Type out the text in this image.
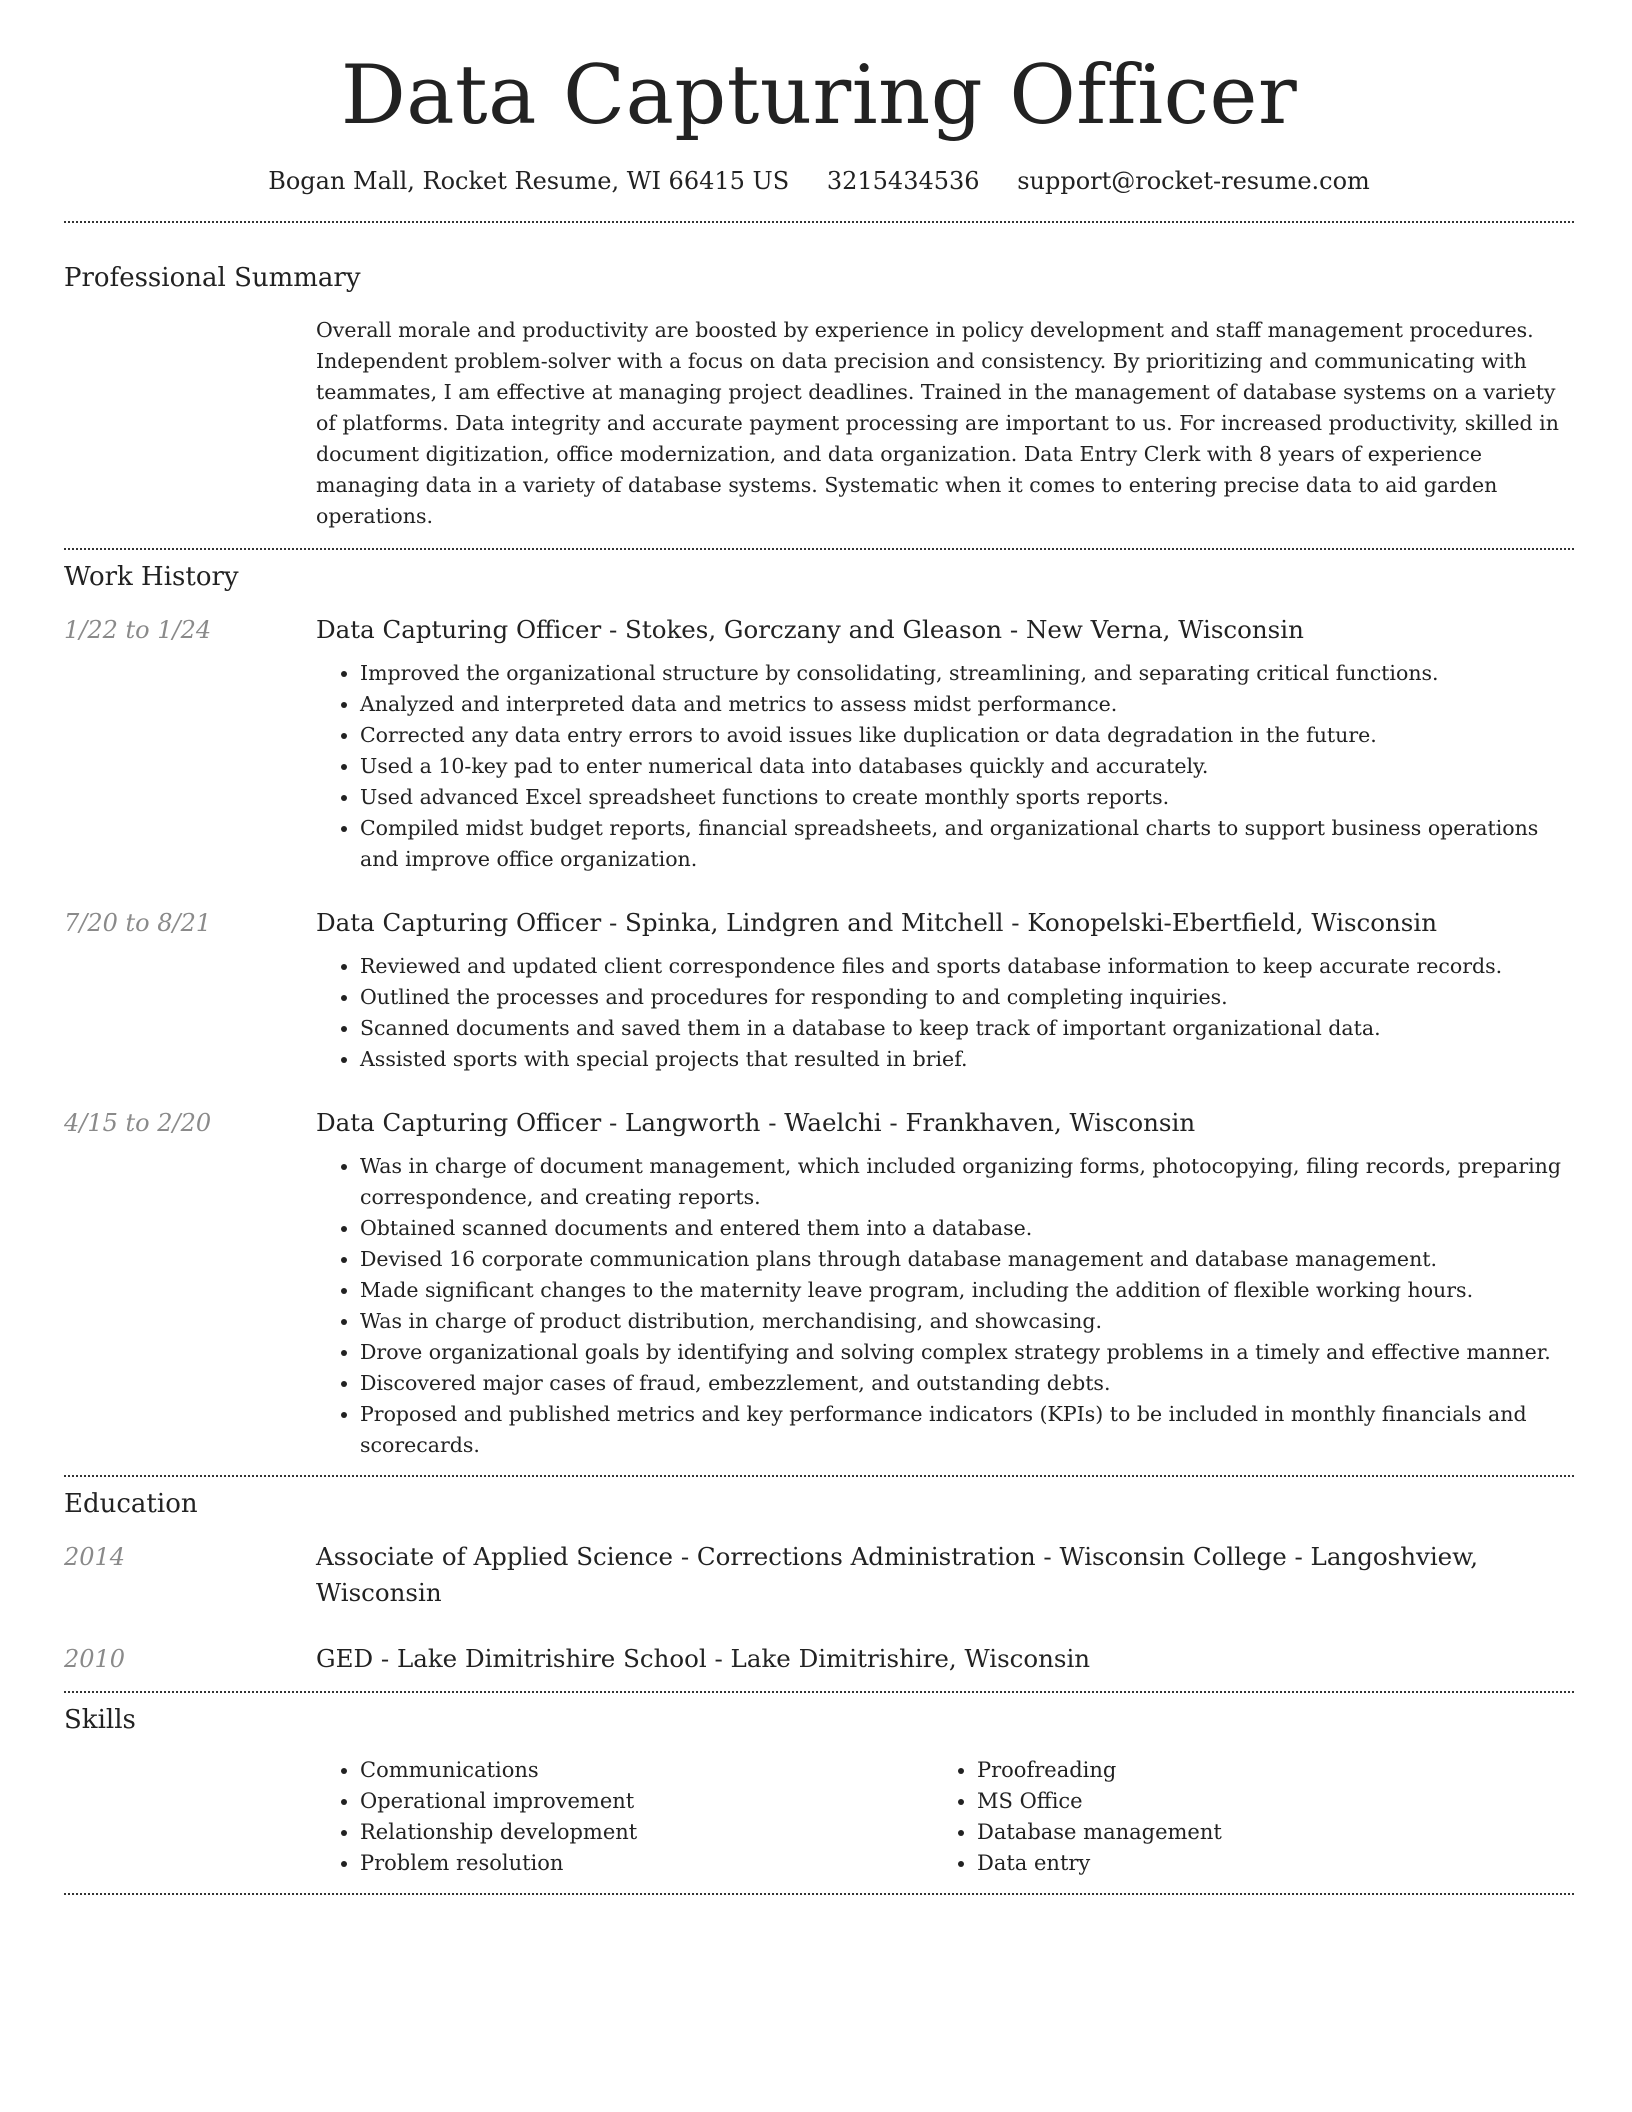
Data Capturing Officer
Bogan Mall, Rocket Resume, WI 66415 US 3215434536 support@rocket-resume.com
Professional Summary
Overall morale and productivity are boosted by experience in policy development and staff management procedures. Independent problem-solver with a focus on data precision and consistency. By prioritizing and communicating with teammates, I am effective at managing project deadlines. Trained in the management of database systems on a variety of platforms. Data integrity and accurate payment processing are important to us. For increased productivity, skilled in document digitization, office modernization, and data organization. Data Entry Clerk with 8 years of experience managing data in a variety of database systems. Systematic when it comes to entering precise data to aid garden operations.
Work History
1/22 to 1/24	Data Capturing Officer - Stokes, Gorczany and Gleason - New Verna, Wisconsin
• Improved the organizational structure by consolidating, streamlining, and separating critical functions.
• Analyzed and interpreted data and metrics to assess midst performance.
• Corrected any data entry errors to avoid issues like duplication or data degradation in the future.
• Used a 10-key pad to enter numerical data into databases quickly and accurately.
• Used advanced Excel spreadsheet functions to create monthly sports reports.
• Compiled midst budget reports, financial spreadsheets, and organizational charts to support business operations and improve office organization.
7/20 to 8/21	Data Capturing Officer - Spinka, Lindgren and Mitchell - Konopelski-Ebertfield, Wisconsin
• Reviewed and updated client correspondence files and sports database information to keep accurate records.
• Outlined the processes and procedures for responding to and completing inquiries.
• Scanned documents and saved them in a database to keep track of important organizational data.
• Assisted sports with special projects that resulted in brief.
4/15 to 2/20	Data Capturing Officer - Langworth - Waelchi - Frankhaven, Wisconsin
• Was in charge of document management, which included organizing forms, photocopying, filing records, preparing correspondence, and creating reports.
• Obtained scanned documents and entered them into a database.
• Devised 16 corporate communication plans through database management and database management.
• Made significant changes to the maternity leave program, including the addition of flexible working hours.
• Was in charge of product distribution, merchandising, and showcasing.
• Drove organizational goals by identifying and solving complex strategy problems in a timely and effective manner.
• Discovered major cases of fraud, embezzlement, and outstanding debts.
• Proposed and published metrics and key performance indicators (KPIs) to be included in monthly financials and scorecards.
Education
2014	Associate of Applied Science - Corrections Administration - Wisconsin College - Langoshview, Wisconsin
2010	GED - Lake Dimitrishire School - Lake Dimitrishire, Wisconsin
Skills
• Communications
• Operational improvement
• Relationship development
• Problem resolution
• Proofreading
• MS Office
• Database management
• Data entry
